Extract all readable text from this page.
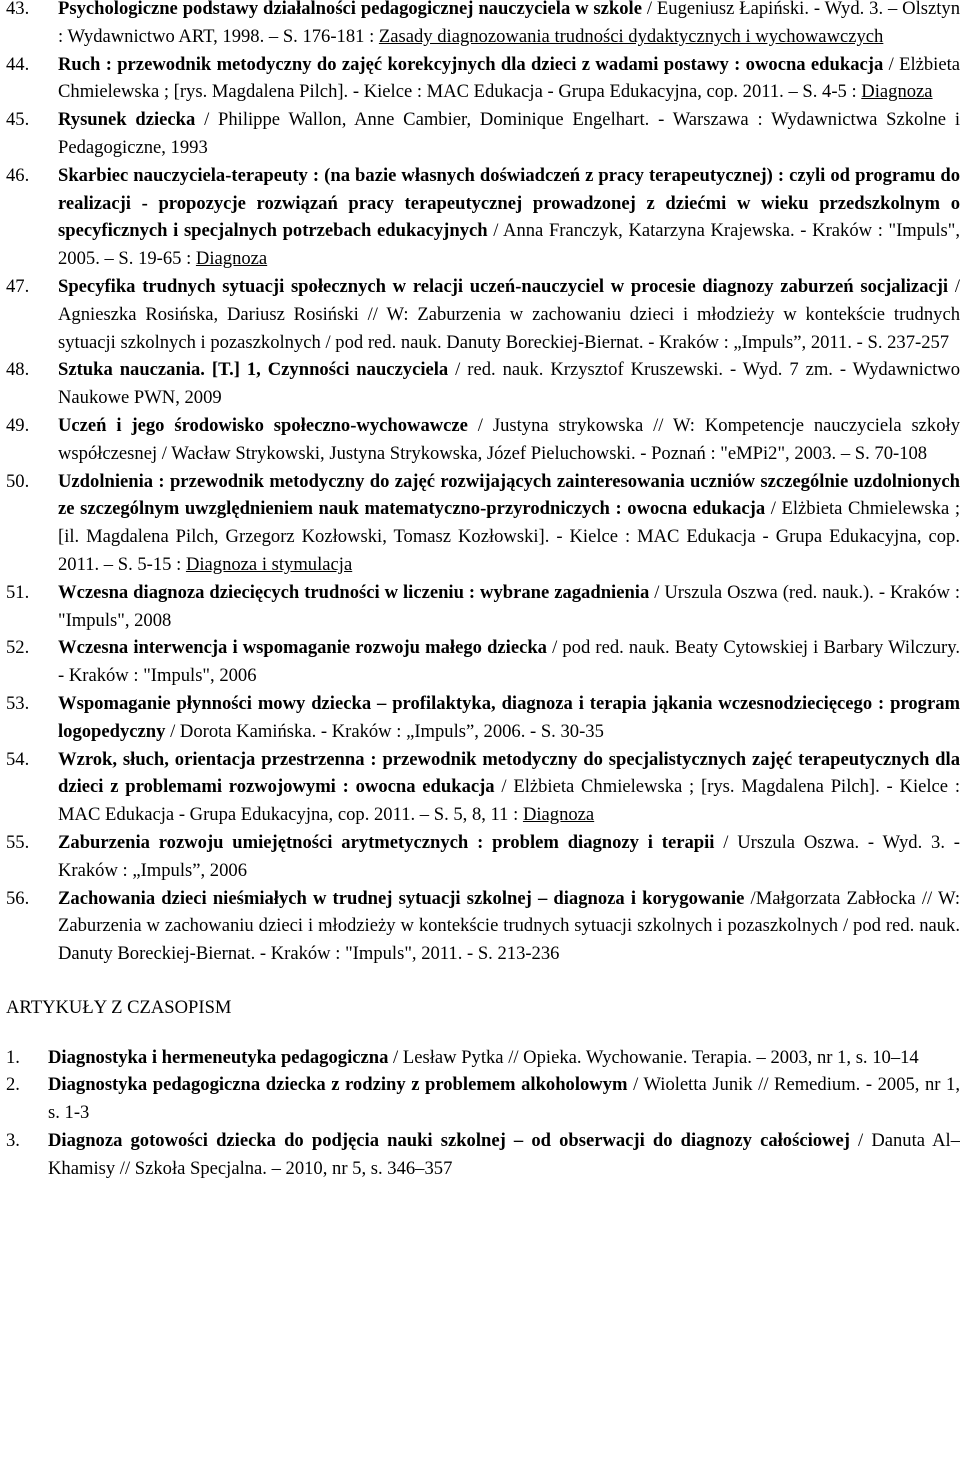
43. Psychologiczne podstawy działalności pedagogicznej nauczyciela w szkole / Eugeniusz Łapiński. - Wyd. 3. – Olsztyn : Wydawnictwo ART, 1998. – S. 176-181 : Zasady diagnozowania trudności dydaktycznych i wychowawczych
44. Ruch : przewodnik metodyczny do zajęć korekcyjnych dla dzieci z wadami postawy : owocna edukacja / Elżbieta Chmielewska ; [rys. Magdalena Pilch]. - Kielce : MAC Edukacja - Grupa Edukacyjna, cop. 2011. – S. 4-5 : Diagnoza
45. Rysunek dziecka / Philippe Wallon, Anne Cambier, Dominique Engelhart. - Warszawa : Wydawnictwa Szkolne i Pedagogiczne, 1993
46. Skarbiec nauczyciela-terapeuty : (na bazie własnych doświadczeń z pracy terapeutycznej) : czyli od programu do realizacji - propozycje rozwiązań pracy terapeutycznej prowadzonej z dziećmi w wieku przedszkolnym o specyficznych i specjalnych potrzebach edukacyjnych / Anna Franczyk, Katarzyna Krajewska. - Kraków : "Impuls", 2005. – S. 19-65 : Diagnoza
47. Specyfika trudnych sytuacji społecznych w relacji uczeń-nauczyciel w procesie diagnozy zaburzeń socjalizacji / Agnieszka Rosińska, Dariusz Rosiński // W: Zaburzenia w zachowaniu dzieci i młodzieży w kontekście trudnych sytuacji szkolnych i pozaszkolnych / pod red. nauk. Danuty Boreckiej-Biernat. - Kraków : „Impuls”, 2011. - S. 237-257
48. Sztuka nauczania. [T.] 1, Czynności nauczyciela / red. nauk. Krzysztof Kruszewski. - Wyd. 7 zm. - Wydawnictwo Naukowe PWN, 2009
49. Uczeń i jego środowisko społeczno-wychowawcze / Justyna strykowska // W: Kompetencje nauczyciela szkoły współczesnej / Wacław Strykowski, Justyna Strykowska, Józef Pieluchowski. - Poznań : "eMPi2", 2003. – S. 70-108
50. Uzdolnienia : przewodnik metodyczny do zajęć rozwijających zainteresowania uczniów szczególnie uzdolnionych ze szczególnym uwzględnieniem nauk matematyczno-przyrodniczych : owocna edukacja / Elżbieta Chmielewska ; [il. Magdalena Pilch, Grzegorz Kozłowski, Tomasz Kozłowski]. - Kielce : MAC Edukacja - Grupa Edukacyjna, cop. 2011. – S. 5-15 : Diagnoza i stymulacja
51. Wczesna diagnoza dziecięcych trudności w liczeniu : wybrane zagadnienia / Urszula Oszwa (red. nauk.). - Kraków : "Impuls", 2008
52. Wczesna interwencja i wspomaganie rozwoju małego dziecka / pod red. nauk. Beaty Cytowskiej i Barbary Wilczury. - Kraków : "Impuls", 2006
53. Wspomaganie płynności mowy dziecka – profilaktyka, diagnoza i terapia jąkania wczesnodziecięcego : program logopedyczny / Dorota Kamińska. - Kraków : „Impuls”, 2006. - S. 30-35
54. Wzrok, słuch, orientacja przestrzenna : przewodnik metodyczny do specjalistycznych zajęć terapeutycznych dla dzieci z problemami rozwojowymi : owocna edukacja / Elżbieta Chmielewska ; [rys. Magdalena Pilch]. - Kielce : MAC Edukacja - Grupa Edukacyjna, cop. 2011. – S. 5, 8, 11 : Diagnoza
55. Zaburzenia rozwoju umiejętności arytmetycznych : problem diagnozy i terapii / Urszula Oszwa. - Wyd. 3. - Kraków : „Impuls”, 2006
56. Zachowania dzieci nieśmiałych w trudnej sytuacji szkolnej – diagnoza i korygowanie /Małgorzata Zabłocka // W: Zaburzenia w zachowaniu dzieci i młodzieży w kontekście trudnych sytuacji szkolnych i pozaszkolnych / pod red. nauk. Danuty Boreckiej-Biernat. - Kraków : "Impuls", 2011. - S. 213-236
ARTYKUŁY Z CZASOPISM
1. Diagnostyka i hermeneutyka pedagogiczna / Lesław Pytka // Opieka. Wychowanie. Terapia. – 2003, nr 1, s. 10–14
2. Diagnostyka pedagogiczna dziecka z rodziny z problemem alkoholowym / Wioletta Junik // Remedium. - 2005, nr 1, s. 1-3
3. Diagnoza gotowości dziecka do podjęcia nauki szkolnej – od obserwacji do diagnozy całościowej / Danuta Al–Khamisy // Szkoła Specjalna. – 2010, nr 5, s. 346–357
